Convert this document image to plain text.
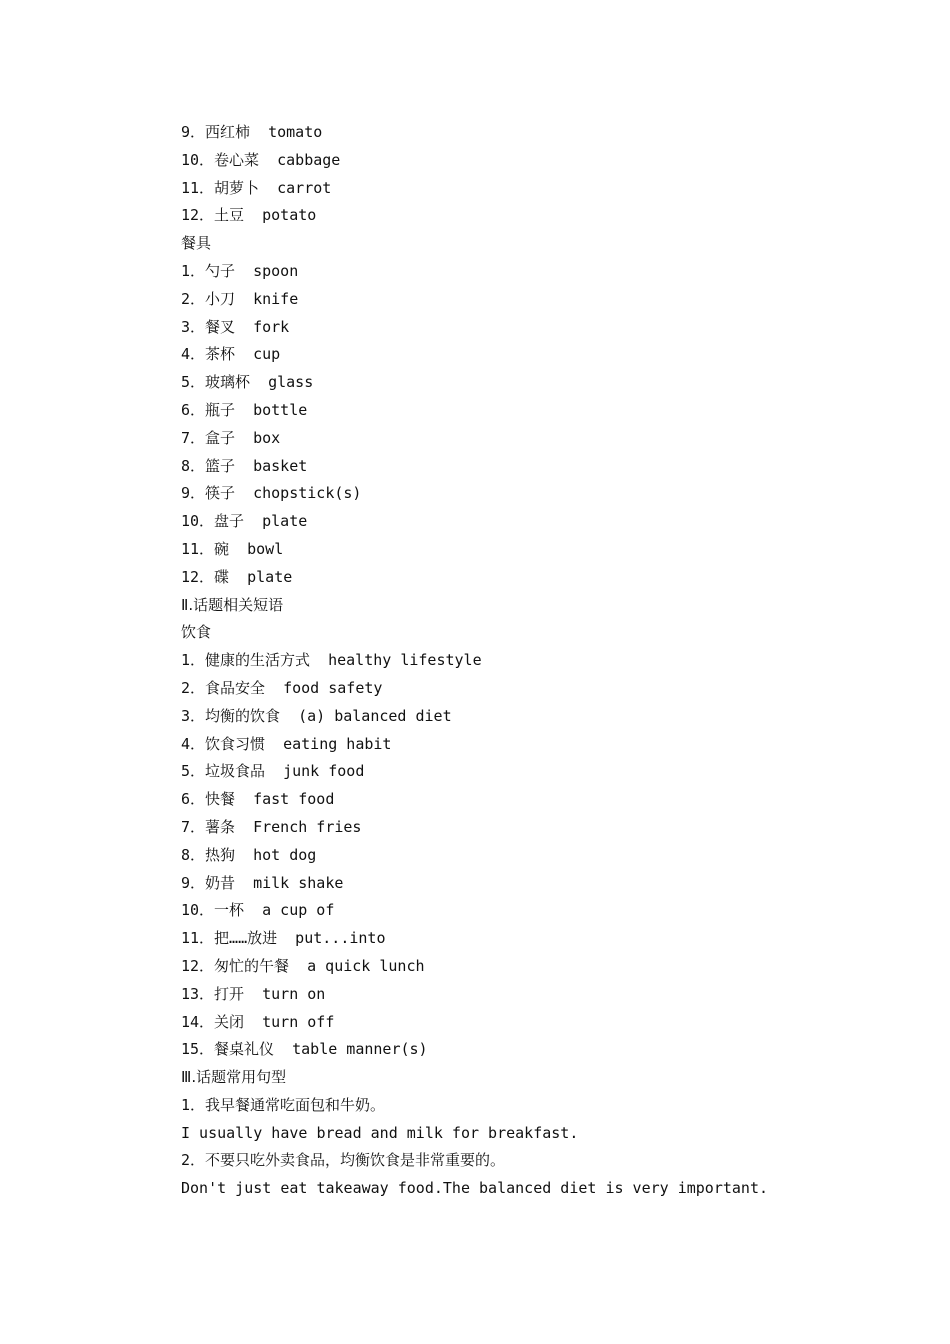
9．西红柿  tomato
10．卷心菜  cabbage
11．胡萝卜  carrot
12．土豆  potato
餐具
1．勺子  spoon
2．小刀  knife
3．餐叉  fork
4．茶杯  cup
5．玻璃杯  glass
6．瓶子  bottle
7．盒子  box
8．篮子  basket
9．筷子  chopstick(s)
10．盘子  plate
11．碗  bowl
12．碟  plate
Ⅱ.话题相关短语
饮食
1．健康的生活方式  healthy lifestyle
2．食品安全  food safety
3．均衡的饮食  (a) balanced diet
4．饮食习惯  eating habit
5．垃圾食品  junk food
6．快餐  fast food
7．薯条  French fries
8．热狗  hot dog
9．奶昔  milk shake
10．一杯  a cup of
11．把……放进  put...into
12．匆忙的午餐  a quick lunch
13．打开  turn on
14．关闭  turn off
15．餐桌礼仪  table manner(s)
Ⅲ.话题常用句型
1．我早餐通常吃面包和牛奶。
I usually have bread and milk for breakfast.
2．不要只吃外卖食品，均衡饮食是非常重要的。
Don't just eat takeaway food.The balanced diet is very important.
